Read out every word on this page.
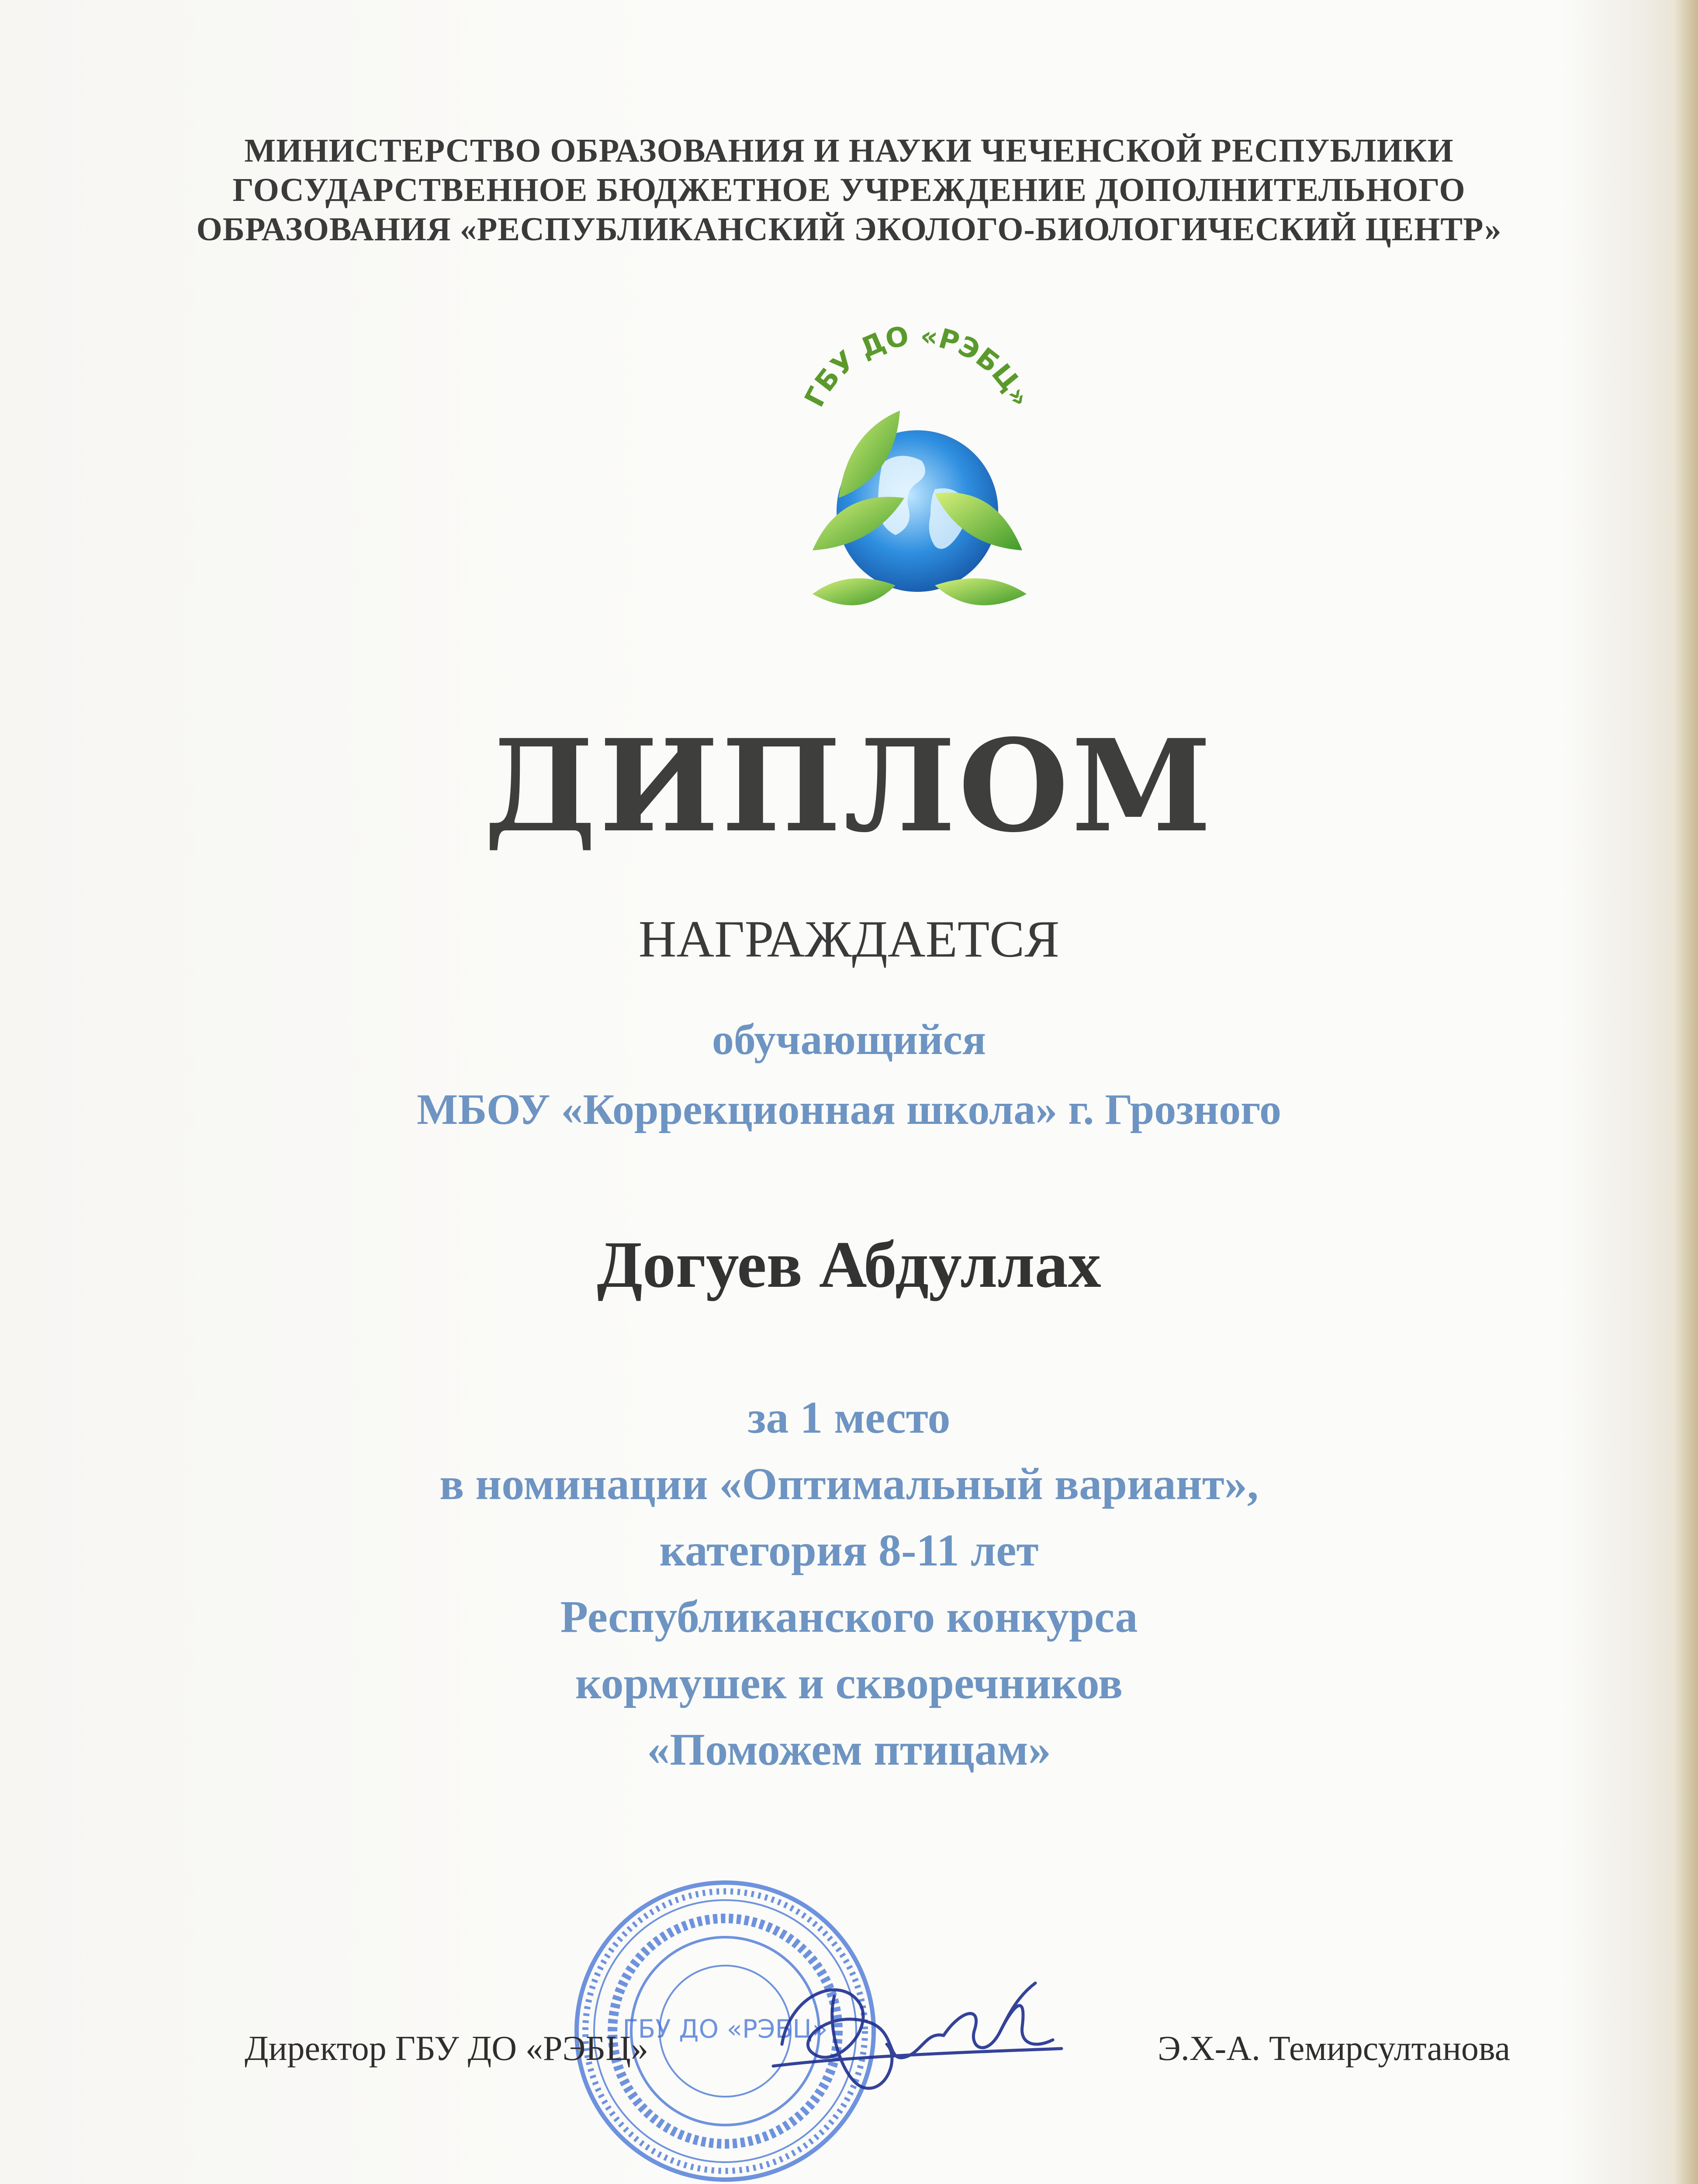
МИНИСТЕРСТВО ОБРАЗОВАНИЯ И НАУКИ ЧЕЧЕНСКОЙ РЕСПУБЛИКИ
ГОСУДАРСТВЕННОЕ БЮДЖЕТНОЕ УЧРЕЖДЕНИЕ ДОПОЛНИТЕЛЬНОГО
ОБРАЗОВАНИЯ «РЕСПУБЛИКАНСКИЙ ЭКОЛОГО-БИОЛОГИЧЕСКИЙ ЦЕНТР»
ГБУ ДО «РЭБЦ»
ДИПЛОМ
НАГРАЖДАЕТСЯ
обучающийся
МБОУ «Коррекционная школа» г. Грозного
Догуев Абдуллах
за 1 место
в номинации «Оптимальный вариант»,
категория 8-11 лет
Республиканского конкурса
кормушек и скворечников
«Поможем птицам»
ГБУ ДО «РЭБЦ»
Директор ГБУ ДО «РЭБЦ»	Э.Х-А. Темирсултанова
